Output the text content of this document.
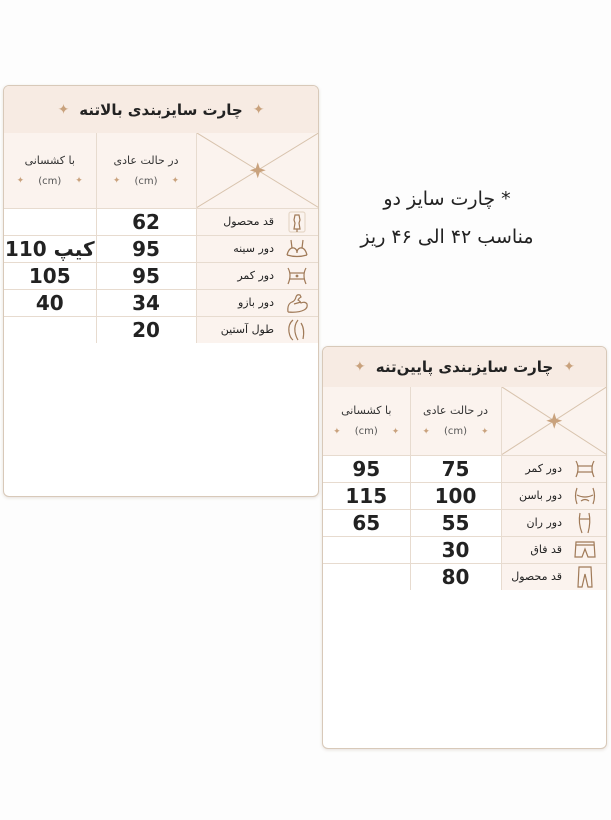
✦ چارت سایزبندی بالاتنه ✦
با کشسانی
✦ (cm) ✦	در حالت عادی
✦ (cm) ✦

	62	قد محصول

110 کیپ	95	دور سینه

105	95	دور کمر

40	34	دور بازو

	20	طول آستین
* چارت سایز دو
مناسب ۴۲ الی ۴۶ ریز
✦ چارت سایزبندی پایین‌تنه ✦
با کشسانی
✦ (cm) ✦	در حالت عادی
✦ (cm) ✦

95	75	دور کمر

115	100	دور باسن

65	55	دور ران

	30	قد فاق

	80	قد محصول
